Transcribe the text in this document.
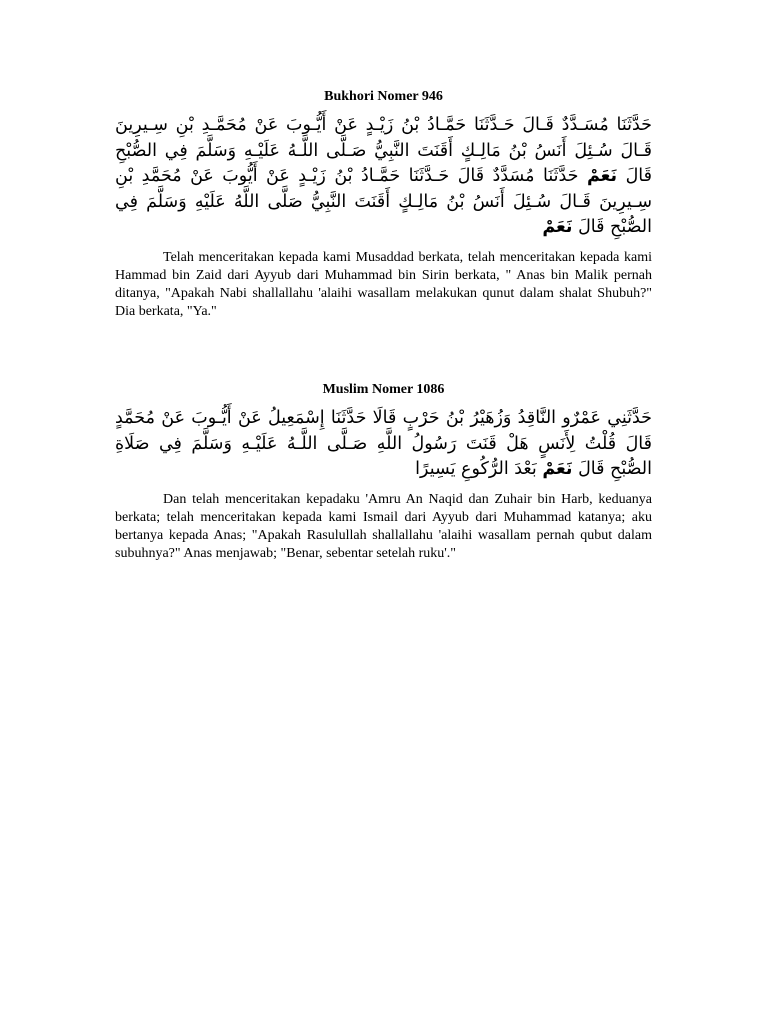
Bukhori Nomer 946

حَدَّثَنَا مُسَـدَّدٌ قَـالَ حَـدَّثَنَا حَمَّـادُ بْنُ زَيْـدٍ عَنْ أَيُّـوبَ عَنْ مُحَمَّـدِ بْنِ سِـيرِينَ قَـالَ سُـئِلَ أَنَسُ بْنُ مَالِـكٍ أَقَنَتَ النَّبِيُّ صَـلَّى اللَّـهُ عَلَيْـهِ وَسَلَّمَ فِي الصُّبْحِ قَالَ نَعَمْ حَدَّثَنَا مُسَدَّدٌ قَالَ حَـدَّثَنَا حَمَّـادُ بْنُ زَيْـدٍ عَنْ أَيُّوبَ عَنْ مُحَمَّدِ بْنِ سِـيرِينَ قَـالَ سُـئِلَ أَنَسُ بْنُ مَالِـكٍ أَقَنَتَ النَّبِيُّ صَلَّى اللَّهُ عَلَيْهِ وَسَلَّمَ فِي الصُّبْحِ قَالَ نَعَمْ

Telah menceritakan kepada kami Musaddad berkata, telah menceritakan kepada kami Hammad bin Zaid dari Ayyub dari Muhammad bin Sirin berkata, " Anas bin Malik pernah ditanya, "Apakah Nabi shallallahu 'alaihi wasallam melakukan qunut dalam shalat Shubuh?" Dia berkata, "Ya."

Muslim Nomer 1086

حَدَّثَنِي عَمْرٌو النَّاقِدُ وَزُهَيْرُ بْنُ حَرْبٍ قَالَا حَدَّثَنَا إِسْمَعِيلُ عَنْ أَيُّـوبَ عَنْ مُحَمَّدٍ قَالَ قُلْتُ لِأَنَسٍ هَلْ قَنَتَ رَسُولُ اللَّهِ صَـلَّى اللَّـهُ عَلَيْـهِ وَسَلَّمَ فِي صَلَاةِ الصُّبْحِ قَالَ نَعَمْ بَعْدَ الرُّكُوعِ يَسِيرًا

Dan telah menceritakan kepadaku 'Amru An Naqid dan Zuhair bin Harb, keduanya berkata; telah menceritakan kepada kami Ismail dari Ayyub dari Muhammad katanya; aku bertanya kepada Anas; "Apakah Rasulullah shallallahu 'alaihi wasallam pernah qubut dalam subuhnya?" Anas menjawab; "Benar, sebentar setelah ruku'."
